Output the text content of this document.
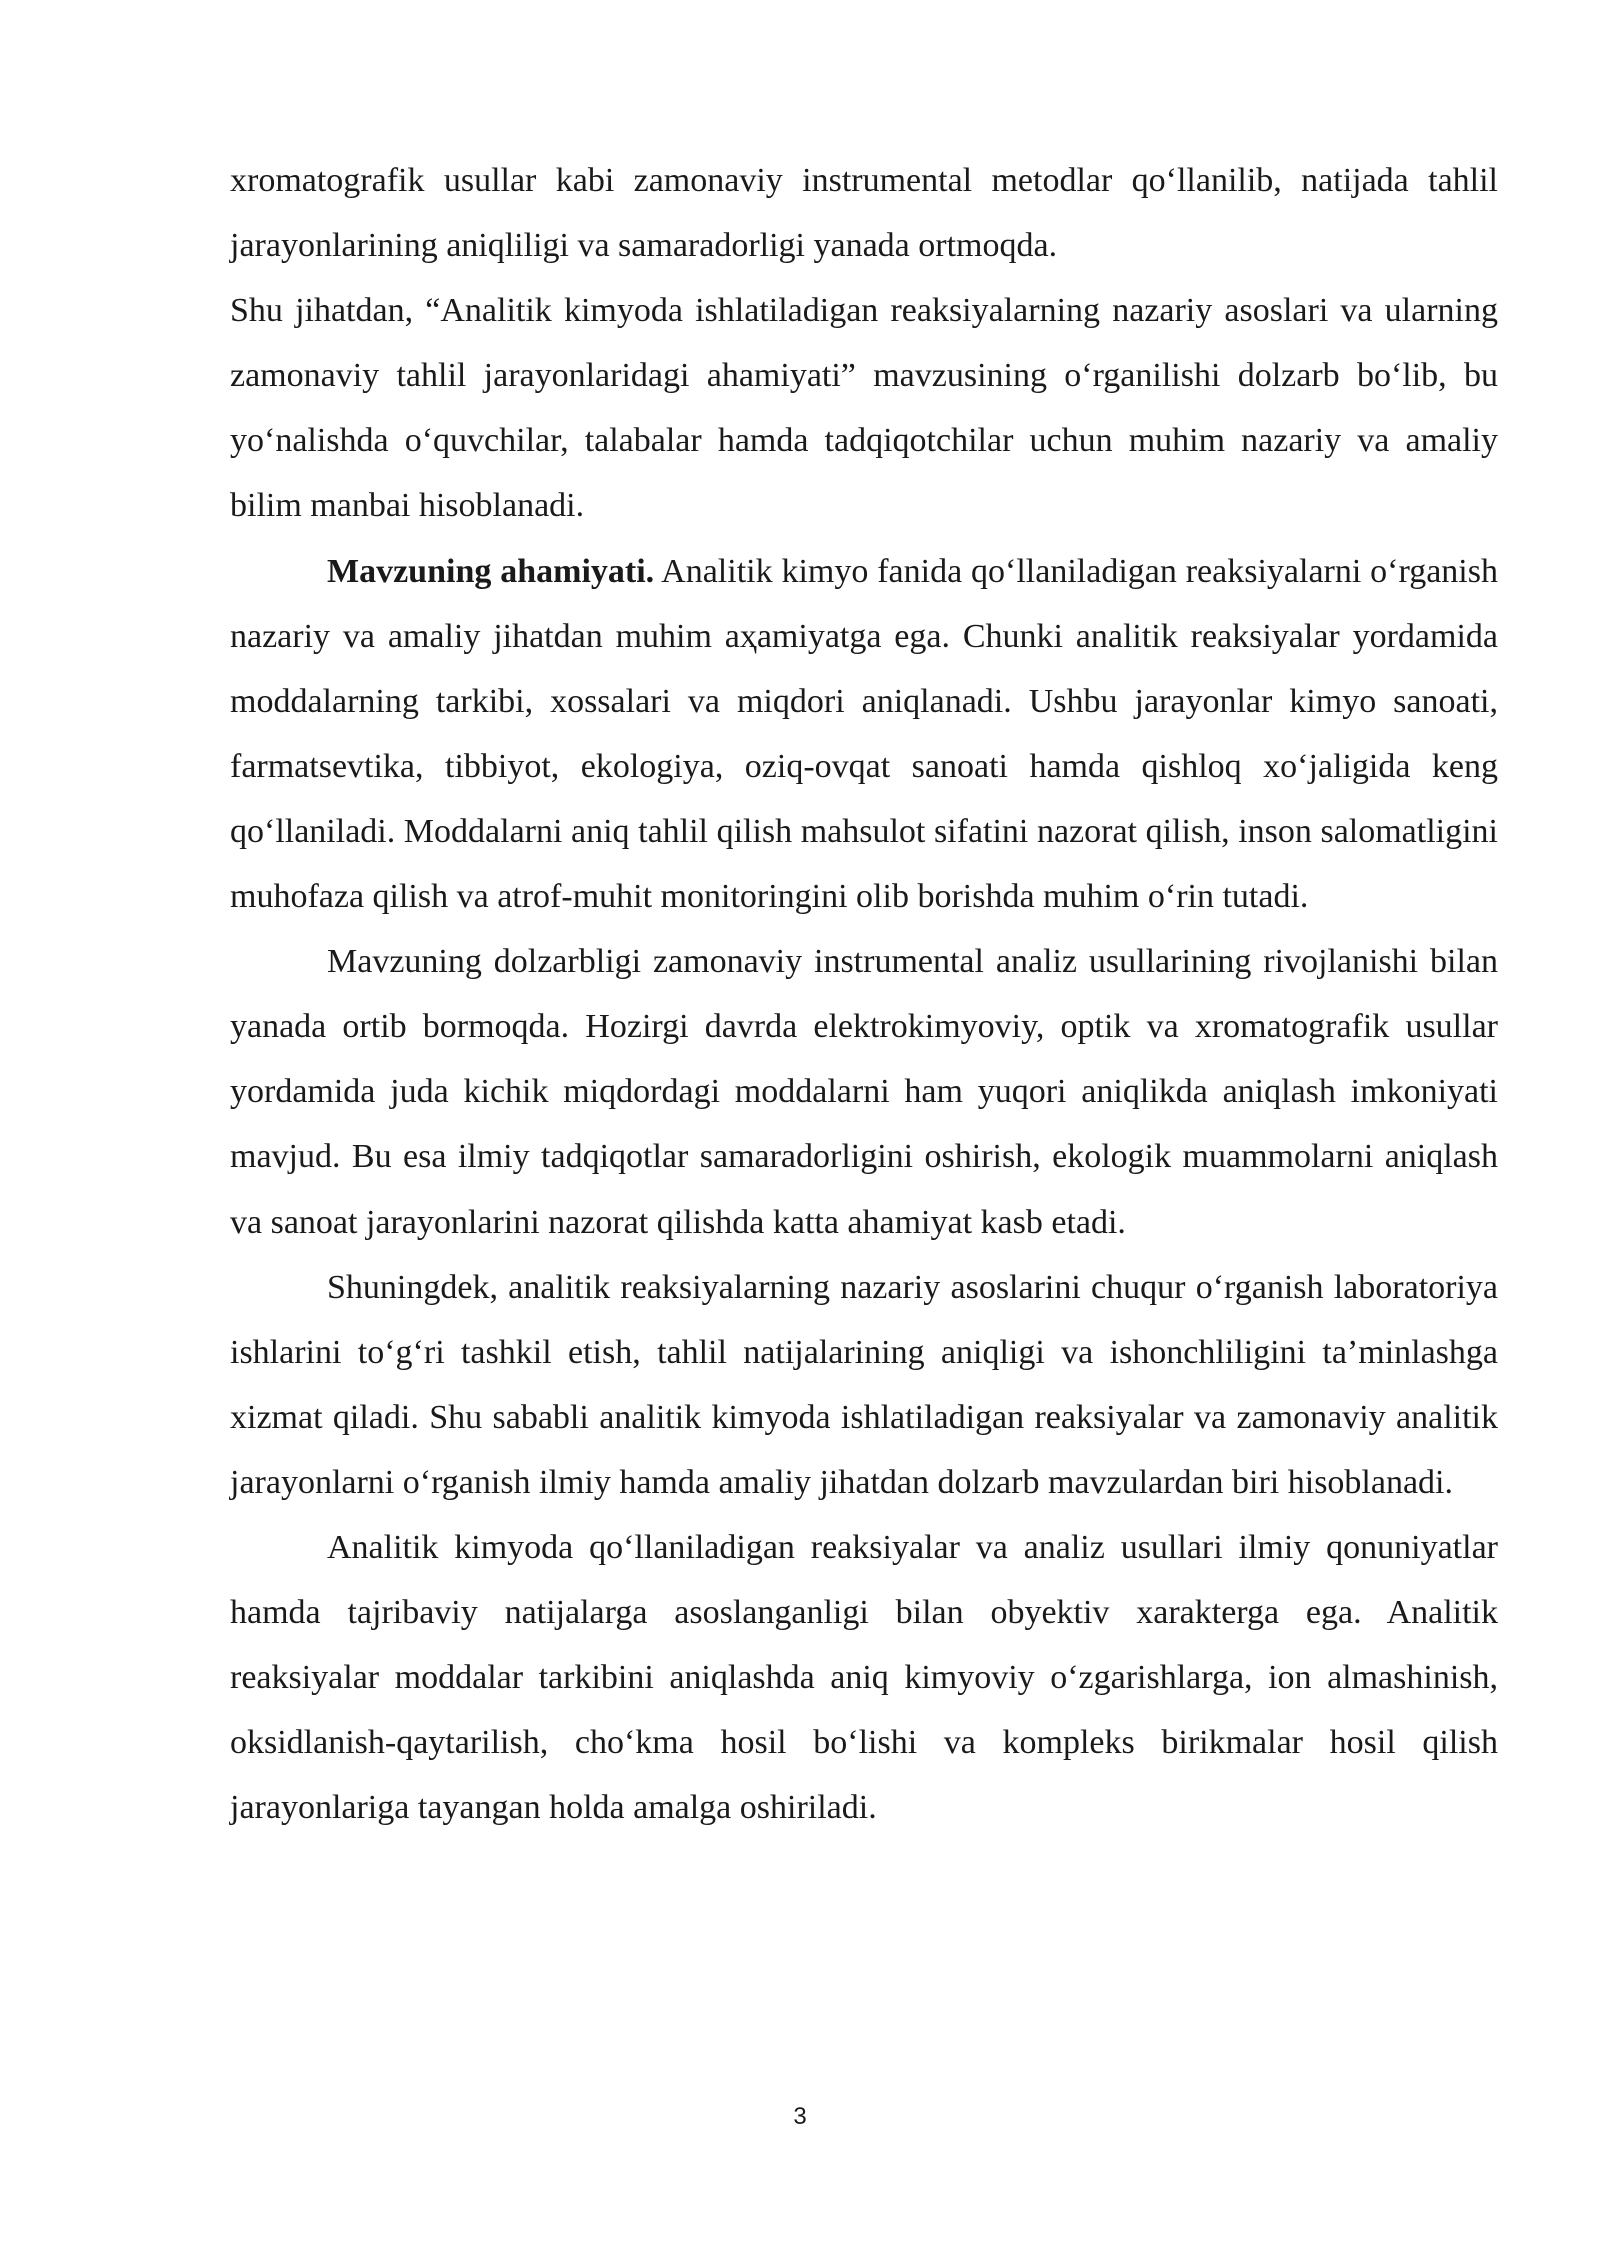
xromatografik usullar kabi zamonaviy instrumental metodlar qo‘llanilib, natijada tahlil jarayonlarining aniqliligi va samaradorligi yanada ortmoqda.

Shu jihatdan, “Analitik kimyoda ishlatiladigan reaksiyalarning nazariy asoslari va ularning zamonaviy tahlil jarayonlaridagi ahamiyati” mavzusining o‘rganilishi dolzarb bo‘lib, bu yo‘nalishda o‘quvchilar, talabalar hamda tadqiqotchilar uchun muhim nazariy va amaliy bilim manbai hisoblanadi.

Mavzuning ahamiyati. Analitik kimyo fanida qo‘llaniladigan reaksiyalarni o‘rganish nazariy va amaliy jihatdan muhim aҳamiyatga ega. Chunki analitik reaksiyalar yordamida moddalarning tarkibi, xossalari va miqdori aniqlanadi. Ushbu jarayonlar kimyo sanoati, farmatsevtika, tibbiyot, ekologiya, oziq-ovqat sanoati hamda qishloq xo‘jaligida keng qo‘llaniladi. Moddalarni aniq tahlil qilish mahsulot sifatini nazorat qilish, inson salomatligini muhofaza qilish va atrof-muhit monitoringini olib borishda muhim o‘rin tutadi.

Mavzuning dolzarbligi zamonaviy instrumental analiz usullarining rivojlanishi bilan yanada ortib bormoqda. Hozirgi davrda elektrokimyoviy, optik va xromatografik usullar yordamida juda kichik miqdordagi moddalarni ham yuqori aniqlikda aniqlash imkoniyati mavjud. Bu esa ilmiy tadqiqotlar samaradorligini oshirish, ekologik muammolarni aniqlash va sanoat jarayonlarini nazorat qilishda katta ahamiyat kasb etadi.

Shuningdek, analitik reaksiyalarning nazariy asoslarini chuqur o‘rganish laboratoriya ishlarini to‘g‘ri tashkil etish, tahlil natijalarining aniqligi va ishonchliligini ta’minlashga xizmat qiladi. Shu sababli analitik kimyoda ishlatiladigan reaksiyalar va zamonaviy analitik jarayonlarni o‘rganish ilmiy hamda amaliy jihatdan dolzarb mavzulardan biri hisoblanadi.

Analitik kimyoda qo‘llaniladigan reaksiyalar va analiz usullari ilmiy qonuniyatlar hamda tajribaviy natijalarga asoslanganligi bilan obyektiv xarakterga ega. Analitik reaksiyalar moddalar tarkibini aniqlashda aniq kimyoviy o‘zgarishlarga, ion almashinish, oksidlanish-qaytarilish, cho‘kma hosil bo‘lishi va kompleks birikmalar hosil qilish jarayonlariga tayangan holda amalga oshiriladi.

3
